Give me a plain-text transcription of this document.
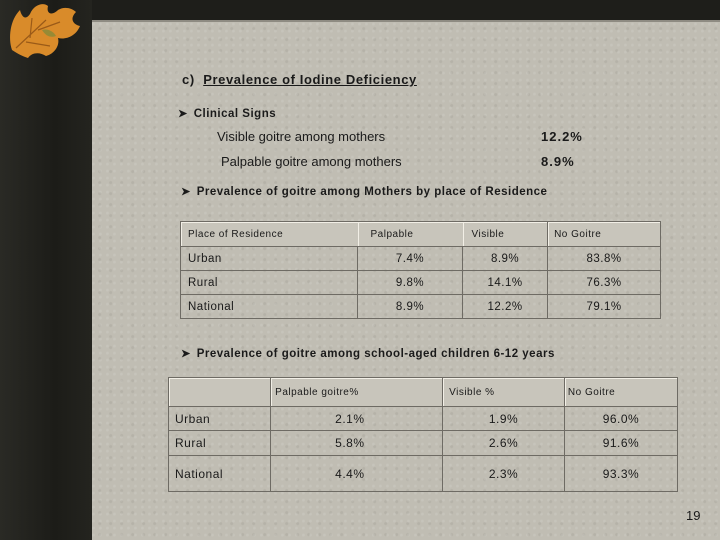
c) Prevalence of Iodine Deficiency
➤ Clinical Signs
Visible goitre among mothers	12.2%
Palpable goitre among mothers	8.9%
➤ Prevalence of goitre among Mothers by place of Residence
Place of Residence	Palpable	Visible	No Goitre
Urban	7.4%	8.9%	83.8%
Rural	9.8%	14.1%	76.3%
National	8.9%	12.2%	79.1%
➤ Prevalence of goitre among school-aged children 6-12 years
	Palpable goitre%	Visible %	No Goitre
Urban	2.1%	1.9%	96.0%
Rural	5.8%	2.6%	91.6%
National	4.4%	2.3%	93.3%
19
